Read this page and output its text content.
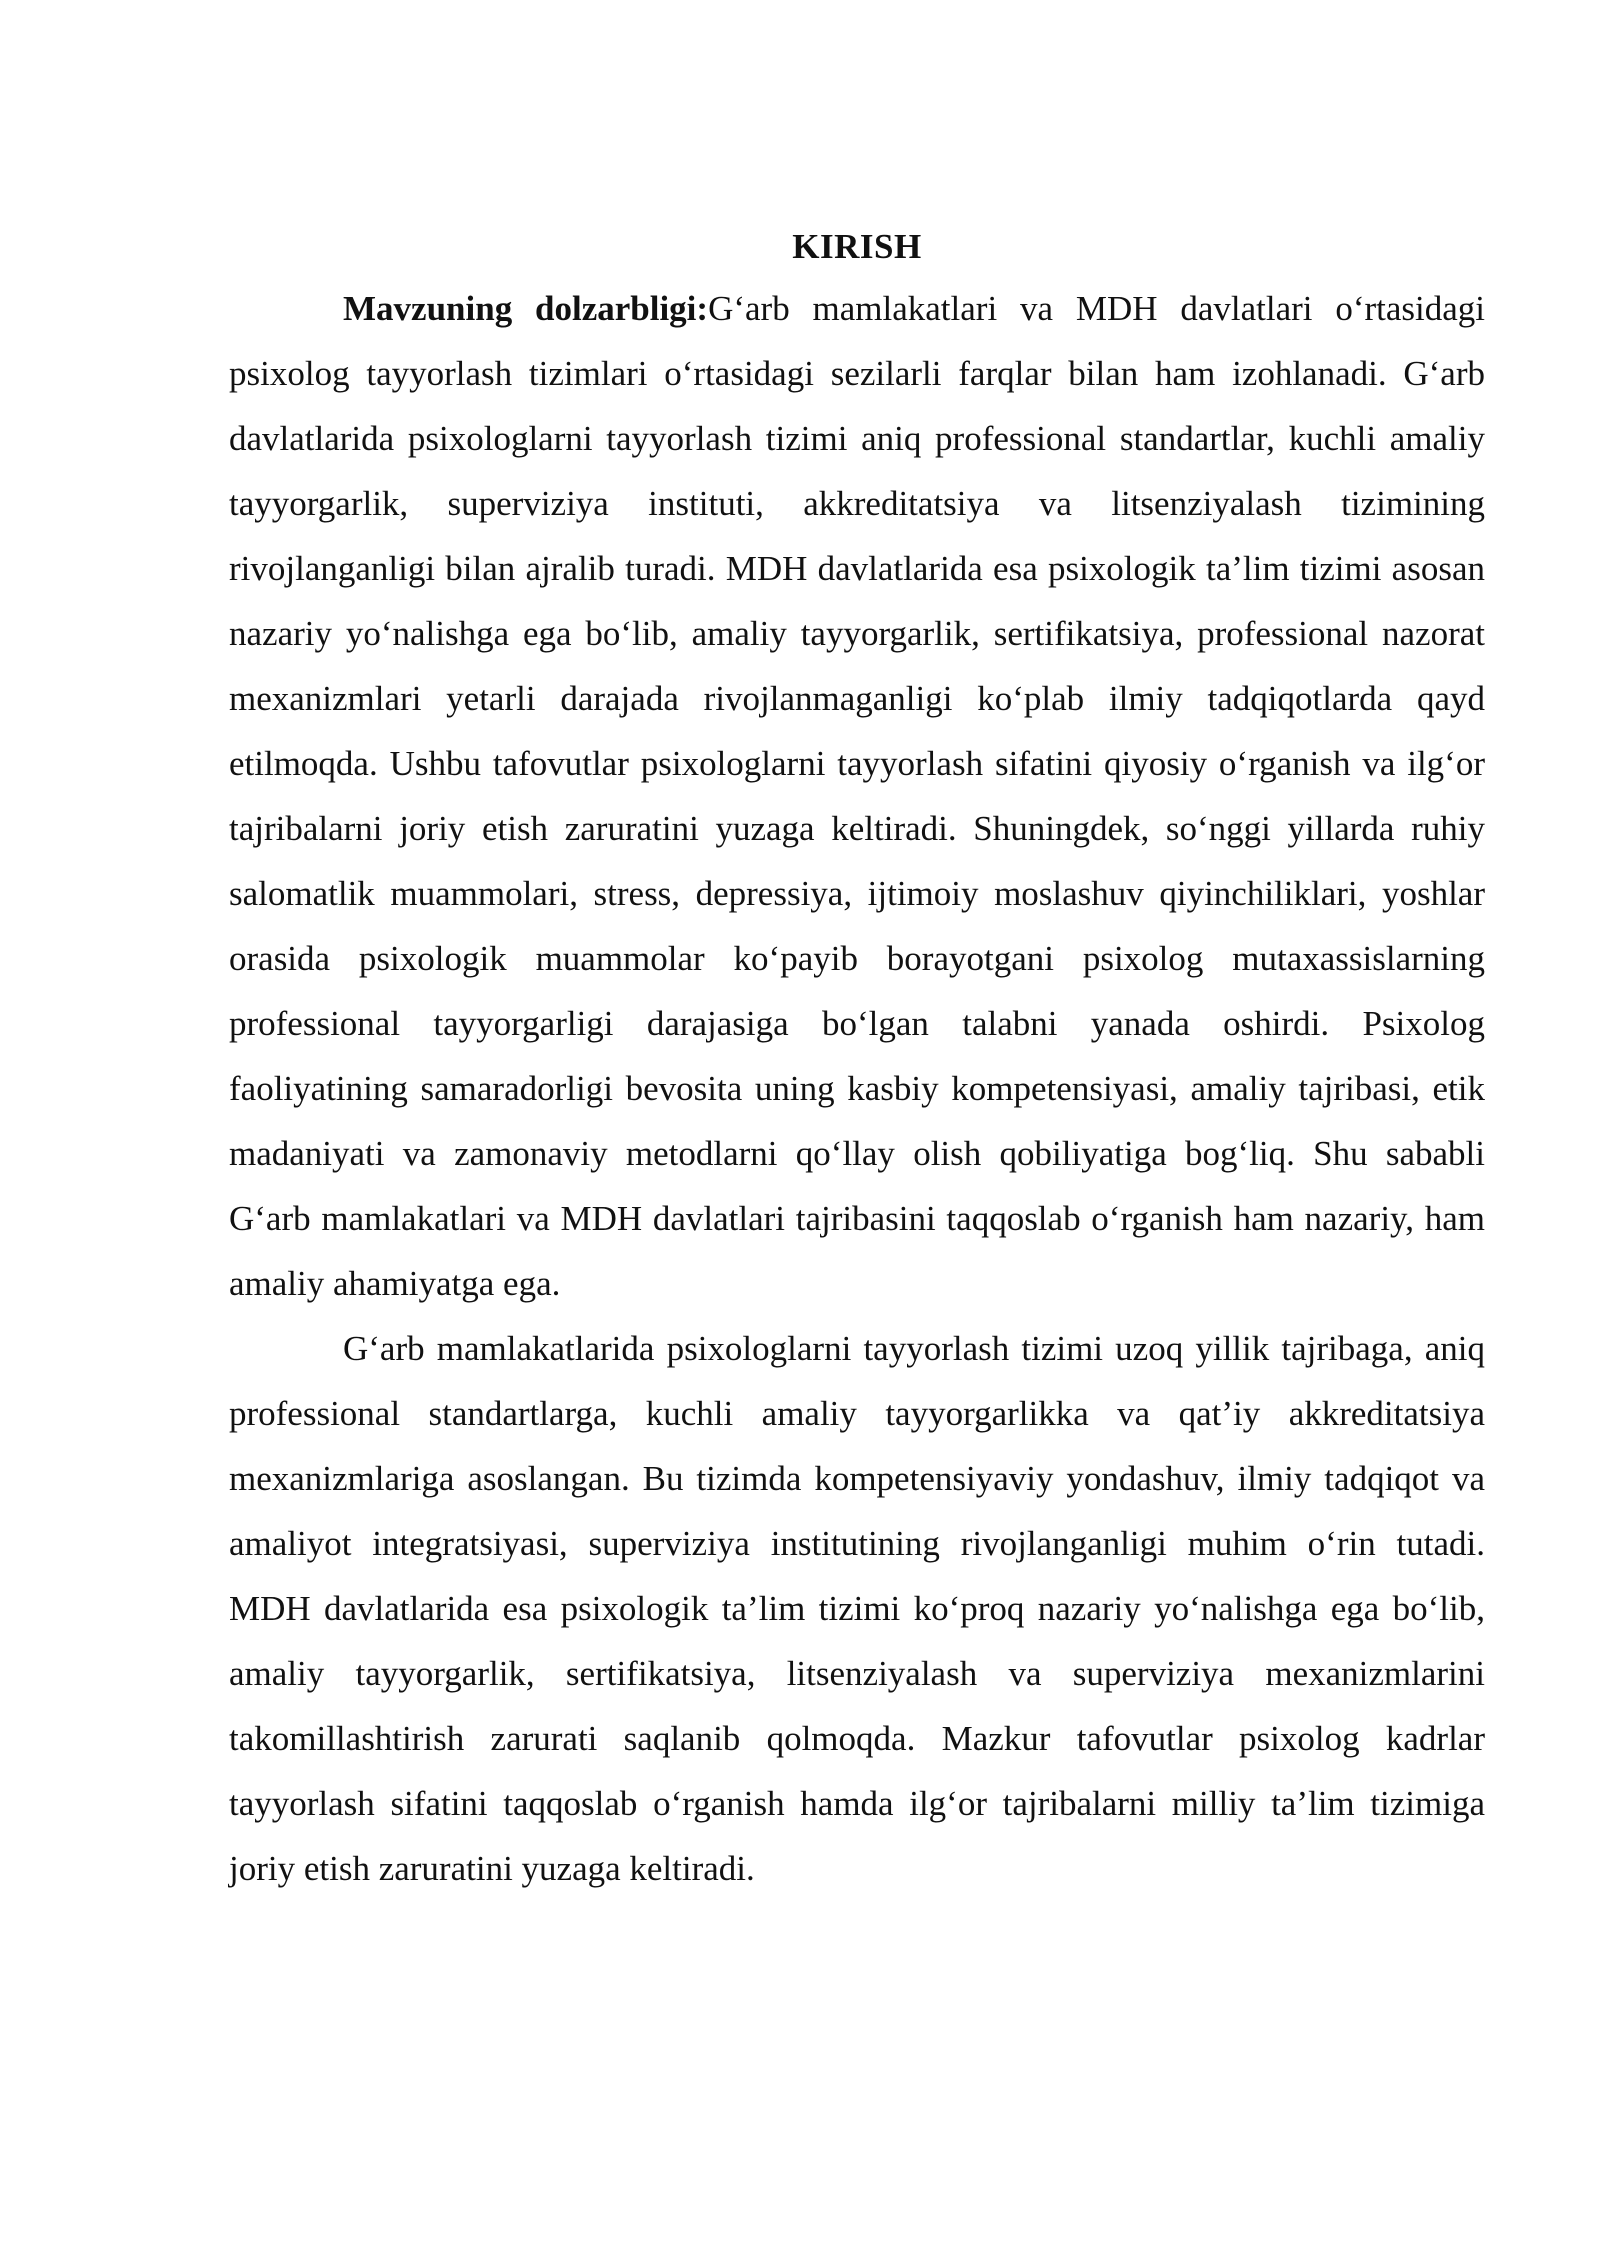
KIRISH

Mavzuning dolzarbligi:G‘arb mamlakatlari va MDH davlatlari o‘rtasidagi psixolog tayyorlash tizimlari o‘rtasidagi sezilarli farqlar bilan ham izohlanadi. G‘arb davlatlarida psixologlarni tayyorlash tizimi aniq professional standartlar, kuchli amaliy tayyorgarlik, superviziya instituti, akkreditatsiya va litsenziyalash tizimining rivojlanganligi bilan ajralib turadi. MDH davlatlarida esa psixologik ta’lim tizimi asosan nazariy yo‘nalishga ega bo‘lib, amaliy tayyorgarlik, sertifikatsiya, professional nazorat mexanizmlari yetarli darajada rivojlanmaganligi ko‘plab ilmiy tadqiqotlarda qayd etilmoqda. Ushbu tafovutlar psixologlarni tayyorlash sifatini qiyosiy o‘rganish va ilg‘or tajribalarni joriy etish zaruratini yuzaga keltiradi. Shuningdek, so‘nggi yillarda ruhiy salomatlik muammolari, stress, depressiya, ijtimoiy moslashuv qiyinchiliklari, yoshlar orasida psixologik muammolar ko‘payib borayotgani psixolog mutaxassislarning professional tayyorgarligi darajasiga bo‘lgan talabni yanada oshirdi. Psixolog faoliyatining samaradorligi bevosita uning kasbiy kompetensiyasi, amaliy tajribasi, etik madaniyati va zamonaviy metodlarni qo‘llay olish qobiliyatiga bog‘liq. Shu sababli G‘arb mamlakatlari va MDH davlatlari tajribasini taqqoslab o‘rganish ham nazariy, ham amaliy ahamiyatga ega.

G‘arb mamlakatlarida psixologlarni tayyorlash tizimi uzoq yillik tajribaga, aniq professional standartlarga, kuchli amaliy tayyorgarlikka va qat’iy akkreditatsiya mexanizmlariga asoslangan. Bu tizimda kompetensiyaviy yondashuv, ilmiy tadqiqot va amaliyot integratsiyasi, superviziya institutining rivojlanganligi muhim o‘rin tutadi. MDH davlatlarida esa psixologik ta’lim tizimi ko‘proq nazariy yo‘nalishga ega bo‘lib, amaliy tayyorgarlik, sertifikatsiya, litsenziyalash va superviziya mexanizmlarini takomillashtirish zarurati saqlanib qolmoqda. Mazkur tafovutlar psixolog kadrlar tayyorlash sifatini taqqoslab o‘rganish hamda ilg‘or tajribalarni milliy ta’lim tizimiga joriy etish zaruratini yuzaga keltiradi.
